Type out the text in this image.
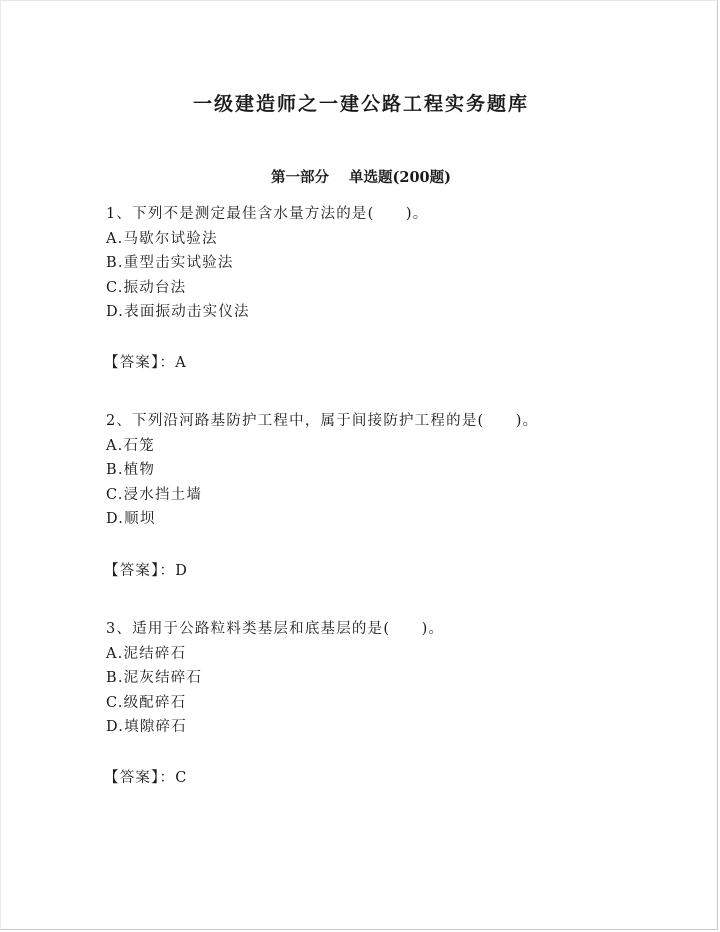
一级建造师之一建公路工程实务题库
第一部分 单选题(200题)
1、下列不是测定最佳含水量方法的是(　　)。
A.马歇尔试验法
B.重型击实试验法
C.振动台法
D.表面振动击实仪法
【答案】：A
2、下列沿河路基防护工程中，属于间接防护工程的是(　　)。
A.石笼
B.植物
C.浸水挡土墙
D.顺坝
【答案】：D
3、适用于公路粒料类基层和底基层的是(　　)。
A.泥结碎石
B.泥灰结碎石
C.级配碎石
D.填隙碎石
【答案】：C
